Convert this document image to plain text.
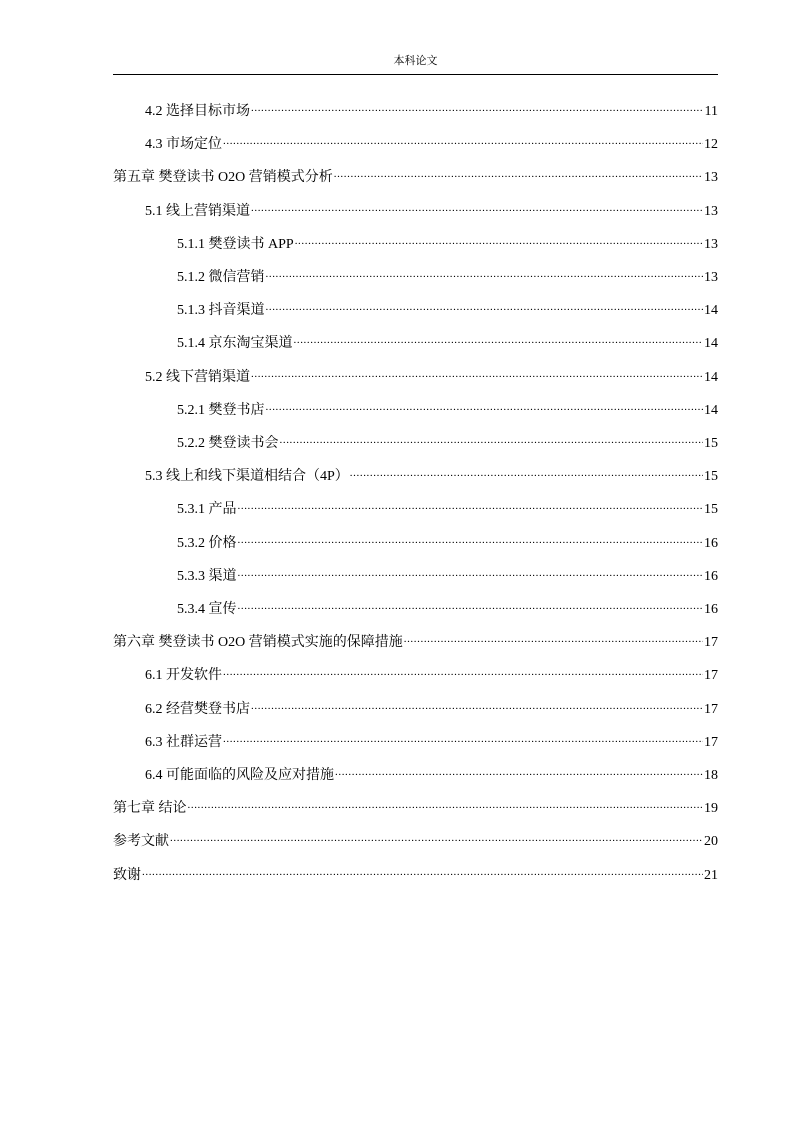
本科论文
4.2 选择目标市场 .....	11
4.3 市场定位 .....	12
第五章 樊登读书 O2O 营销模式分析 .....	13
5.1 线上营销渠道 .....	13
5.1.1 樊登读书 APP .....	13
5.1.2 微信营销 .....	13
5.1.3 抖音渠道 .....	14
5.1.4 京东淘宝渠道 .....	14
5.2 线下营销渠道 .....	14
5.2.1 樊登书店 .....	14
5.2.2 樊登读书会 .....	15
5.3 线上和线下渠道相结合（4P） .....	15
5.3.1 产品 .....	15
5.3.2 价格 .....	16
5.3.3 渠道 .....	16
5.3.4 宣传 .....	16
第六章 樊登读书 O2O 营销模式实施的保障措施 .....	17
6.1 开发软件 .....	17
6.2 经营樊登书店 .....	17
6.3 社群运营 .....	17
6.4 可能面临的风险及应对措施 .....	18
第七章 结论 .....	19
参考文献 .....	20
致谢 .....	21
